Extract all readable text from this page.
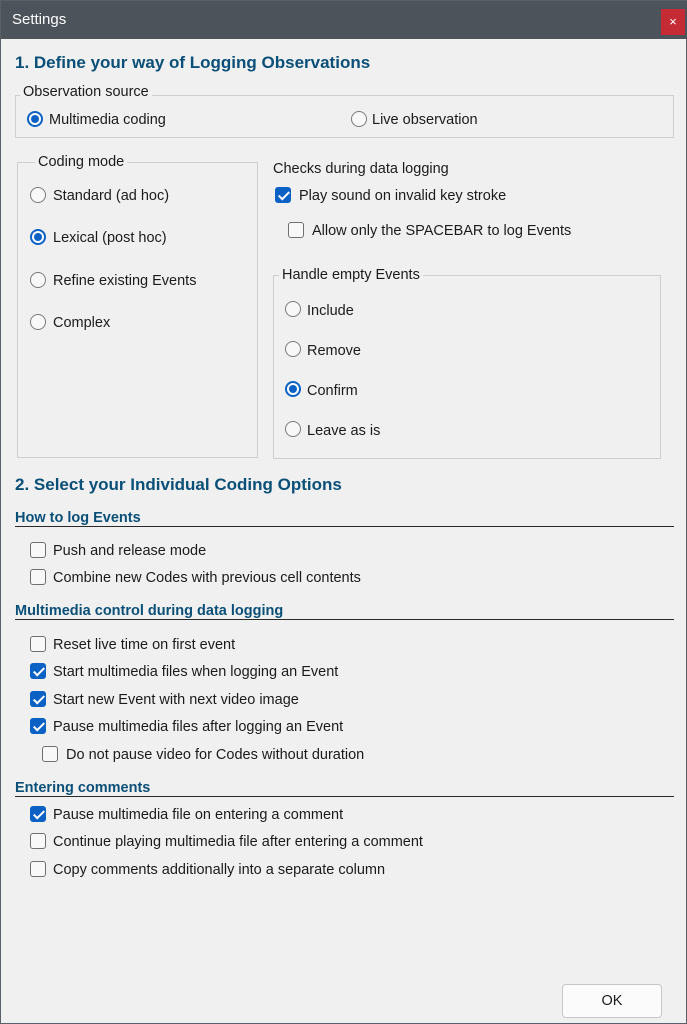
Settings	×
1. Define your way of Logging Observations
Observation source
Multimedia coding	Live observation
Coding mode
Standard (ad hoc)
Lexical (post hoc)
Refine existing Events
Complex
Checks during data logging
Play sound on invalid key stroke
Allow only the SPACEBAR to log Events
Handle empty Events
Include
Remove
Confirm
Leave as is
2. Select your Individual Coding Options
How to log Events
Push and release mode
Combine new Codes with previous cell contents
Multimedia control during data logging
Reset live time on first event
Start multimedia files when logging an Event
Start new Event with next video image
Pause multimedia files after logging an Event
Do not pause video for Codes without duration
Entering comments
Pause multimedia file on entering a comment
Continue playing multimedia file after entering a comment
Copy comments additionally into a separate column
OK
